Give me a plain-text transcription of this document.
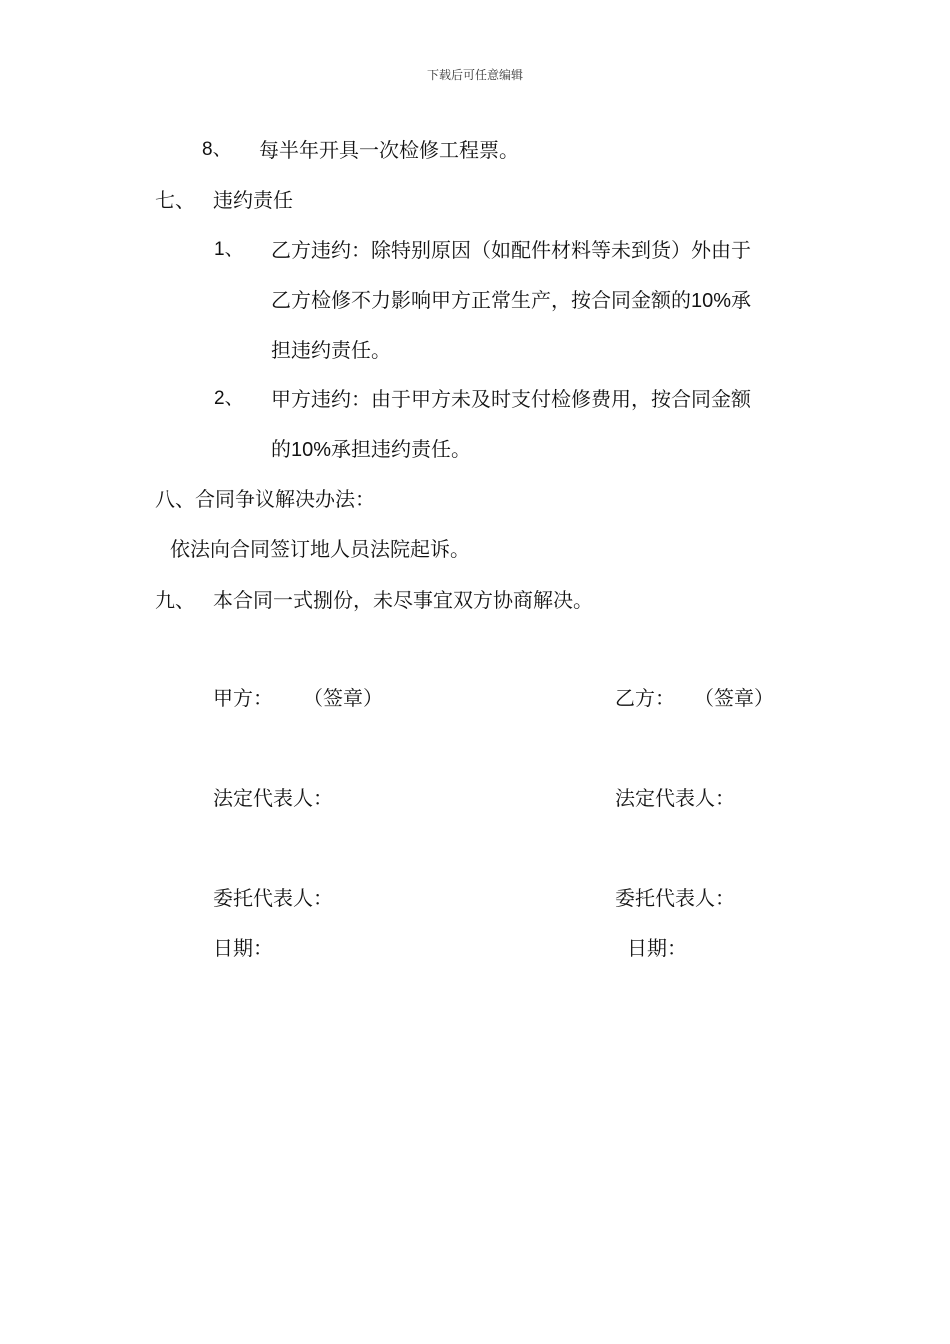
下载后可任意编辑
8、 每半年开具一次检修工程票。
七、 违约责任
1、 乙方违约：除特别原因（如配件材料等未到货）外由于
乙方检修不力影响甲方正常生产，按合同金额的10%承
担违约责任。
2、 甲方违约：由于甲方未及时支付检修费用，按合同金额
的10%承担违约责任。
八、合同争议解决办法：
依法向合同签订地人员法院起诉。
九、 本合同一式捌份，未尽事宜双方协商解决。
甲方： （签章）
法定代表人：
委托代表人：
日期：
乙方： （签章）
法定代表人：
委托代表人：
日期：
